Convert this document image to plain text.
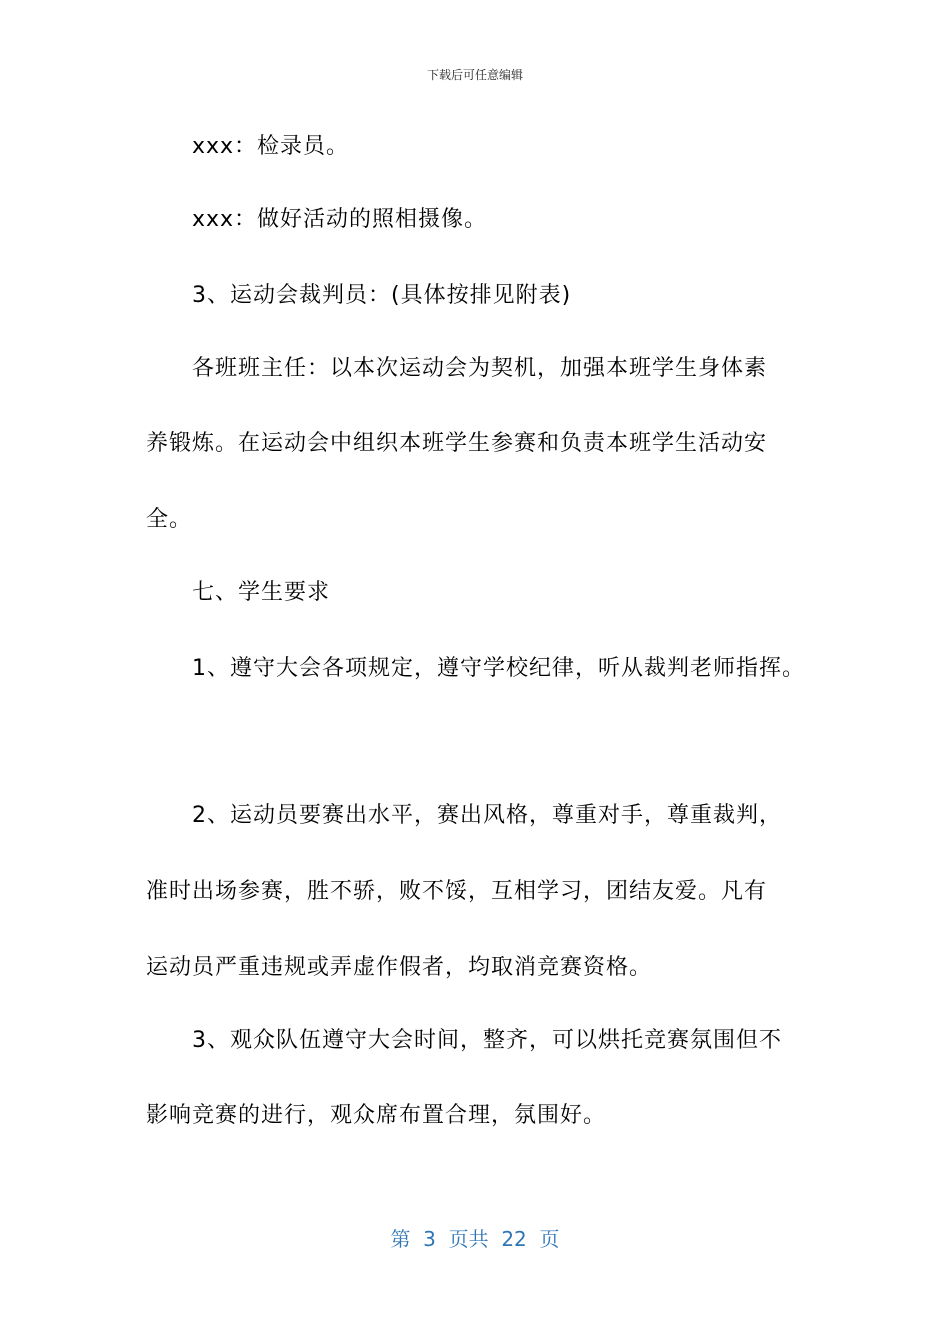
下载后可任意编辑
xxx：检录员。
xxx：做好活动的照相摄像。
3、运动会裁判员：(具体按排见附表)
各班班主任：以本次运动会为契机，加强本班学生身体素
养锻炼。在运动会中组织本班学生参赛和负责本班学生活动安
全。
七、学生要求
1、遵守大会各项规定，遵守学校纪律，听从裁判老师指挥。
2、运动员要赛出水平，赛出风格，尊重对手，尊重裁判，
准时出场参赛，胜不骄，败不馁，互相学习，团结友爱。凡有
运动员严重违规或弄虚作假者，均取消竞赛资格。
3、观众队伍遵守大会时间，整齐，可以烘托竞赛氛围但不
影响竞赛的进行，观众席布置合理，氛围好。
第  3  页共  22  页
